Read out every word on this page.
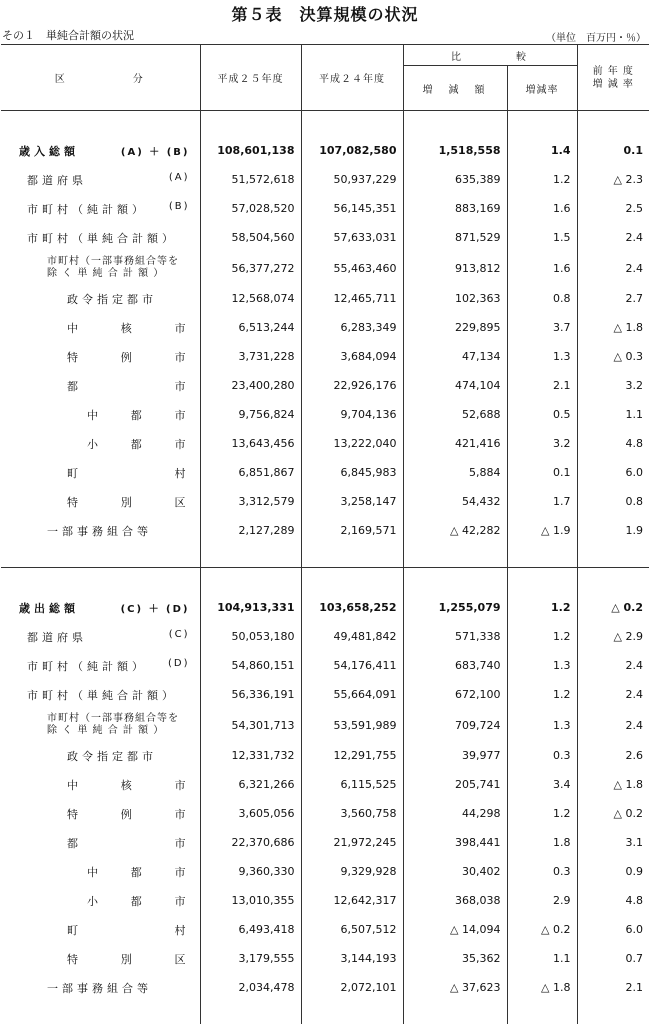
第５表　決算規模の状況
その１　単純合計額の状況	（単位　百万円・％）
区　　　　　分	平成２５年度	平成２４年度	比　　　　較		前 年 度
増 減 率

			増　減　額	増減率	

歳入総額 (A) ＋ (B)	108,601,138	107,082,580	1,518,558	1.4	0.1

都道府県 (A)	51,572,618	50,937,229	635,389	1.2	△ 2.3

市町村（純計額） (B)	57,028,520	56,145,351	883,169	1.6	2.5

市町村（単純合計額）	58,504,560	57,633,031	871,529	1.5	2.4

市町村（一部事務組合等を
除 く 単 純 合 計 額 ）	56,377,272	55,463,460	913,812	1.6	2.4

政令指定都市	12,568,074	12,465,711	102,363	0.8	2.7

中 核 市	6,513,244	6,283,349	229,895	3.7	△ 1.8

特 例 市	3,731,228	3,684,094	47,134	1.3	△ 0.3

都 市	23,400,280	22,926,176	474,104	2.1	3.2

中 都 市	9,756,824	9,704,136	52,688	0.5	1.1

小 都 市	13,643,456	13,222,040	421,416	3.2	4.8

町 村	6,851,867	6,845,983	5,884	0.1	6.0

特 別 区	3,312,579	3,258,147	54,432	1.7	0.8

一部事務組合等	2,127,289	2,169,571	△ 42,282	△ 1.9	1.9

歳出総額 (C) ＋ (D)	104,913,331	103,658,252	1,255,079	1.2	△ 0.2

都道府県 (C)	50,053,180	49,481,842	571,338	1.2	△ 2.9

市町村（純計額） (D)	54,860,151	54,176,411	683,740	1.3	2.4

市町村（単純合計額）	56,336,191	55,664,091	672,100	1.2	2.4

市町村（一部事務組合等を
除 く 単 純 合 計 額 ）	54,301,713	53,591,989	709,724	1.3	2.4

政令指定都市	12,331,732	12,291,755	39,977	0.3	2.6

中 核 市	6,321,266	6,115,525	205,741	3.4	△ 1.8

特 例 市	3,605,056	3,560,758	44,298	1.2	△ 0.2

都 市	22,370,686	21,972,245	398,441	1.8	3.1

中 都 市	9,360,330	9,329,928	30,402	0.3	0.9

小 都 市	13,010,355	12,642,317	368,038	2.9	4.8

町 村	6,493,418	6,507,512	△ 14,094	△ 0.2	6.0

特 別 区	3,179,555	3,144,193	35,362	1.1	0.7

一部事務組合等	2,034,478	2,072,101	△ 37,623	△ 1.8	2.1
